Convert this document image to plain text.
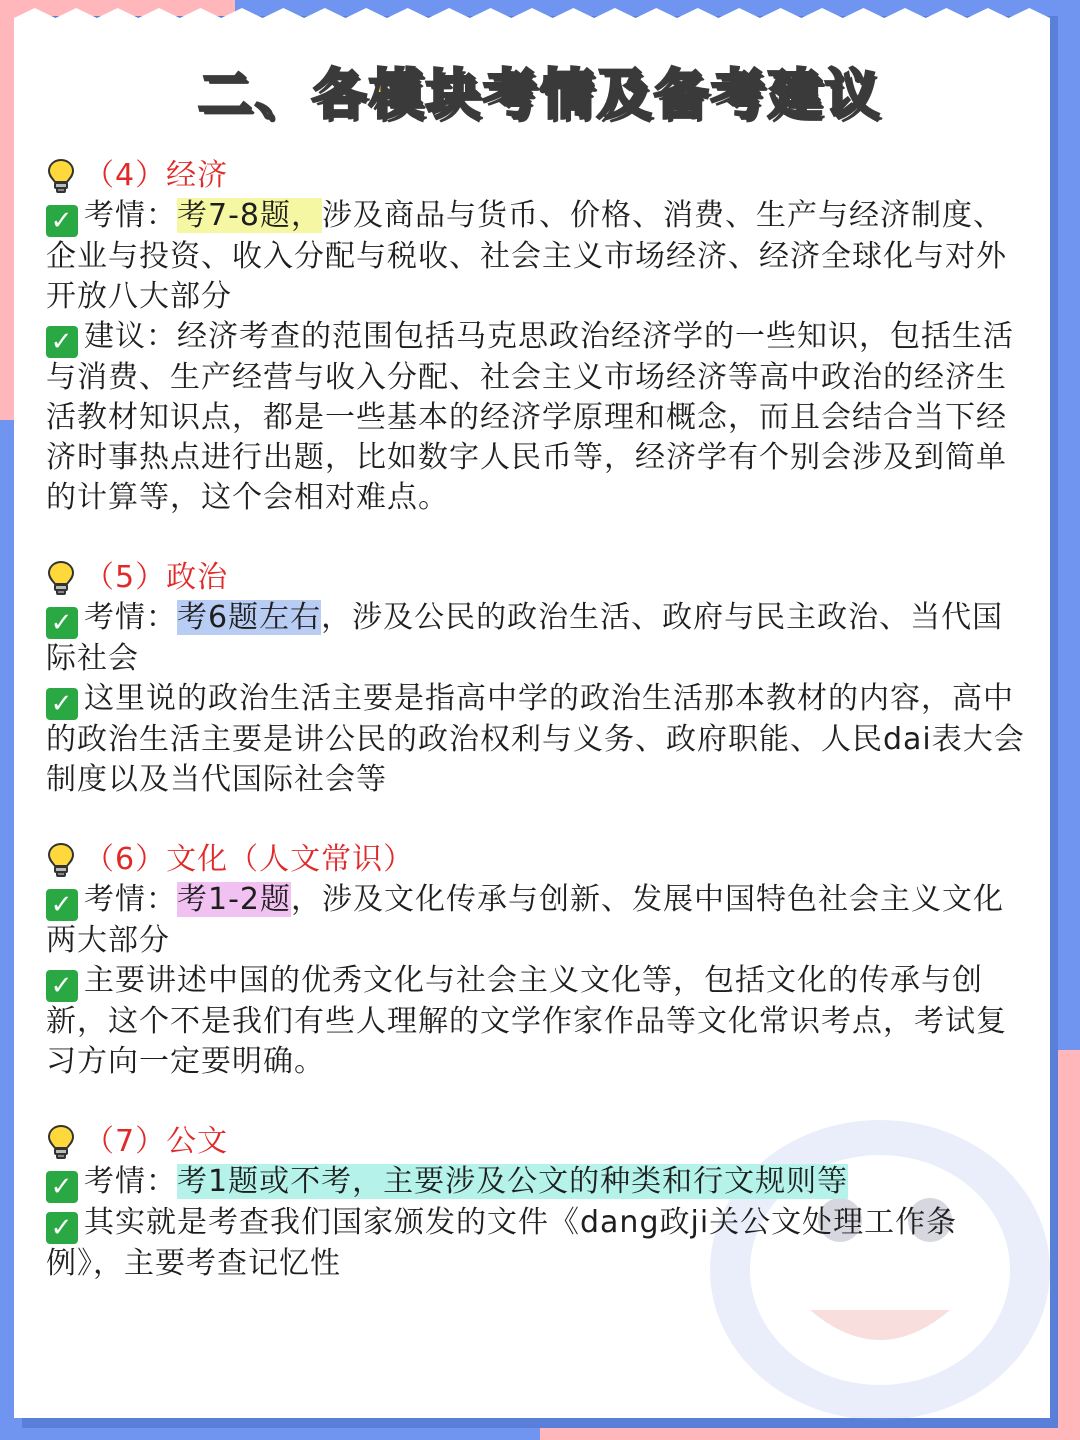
二、各模块考情及备考建议
（4）经济

✓ 考情：考7-8题，涉及商品与货币、价格、消费、生产与经济制度、企业与投资、收入分配与税收、社会主义市场经济、经济全球化与对外开放八大部分

✓ 建议：经济考查的范围包括马克思政治经济学的一些知识，包括生活与消费、生产经营与收入分配、社会主义市场经济等高中政治的经济生活教材知识点，都是一些基本的经济学原理和概念，而且会结合当下经济时事热点进行出题，比如数字人民币等，经济学有个别会涉及到简单的计算等，这个会相对难点。

（5）政治

✓ 考情：考6题左右，涉及公民的政治生活、政府与民主政治、当代国际社会

✓ 这里说的政治生活主要是指高中学的政治生活那本教材的内容，高中的政治生活主要是讲公民的政治权利与义务、政府职能、人民dai表大会制度以及当代国际社会等

（6）文化（人文常识）

✓ 考情：考1-2题，涉及文化传承与创新、发展中国特色社会主义文化两大部分

✓ 主要讲述中国的优秀文化与社会主义文化等，包括文化的传承与创新，这个不是我们有些人理解的文学作家作品等文化常识考点，考试复习方向一定要明确。

（7）公文

✓ 考情：考1题或不考，主要涉及公文的种类和行文规则等

✓ 其实就是考查我们国家颁发的文件《dang政ji关公文处理工作条例》，主要考查记忆性
